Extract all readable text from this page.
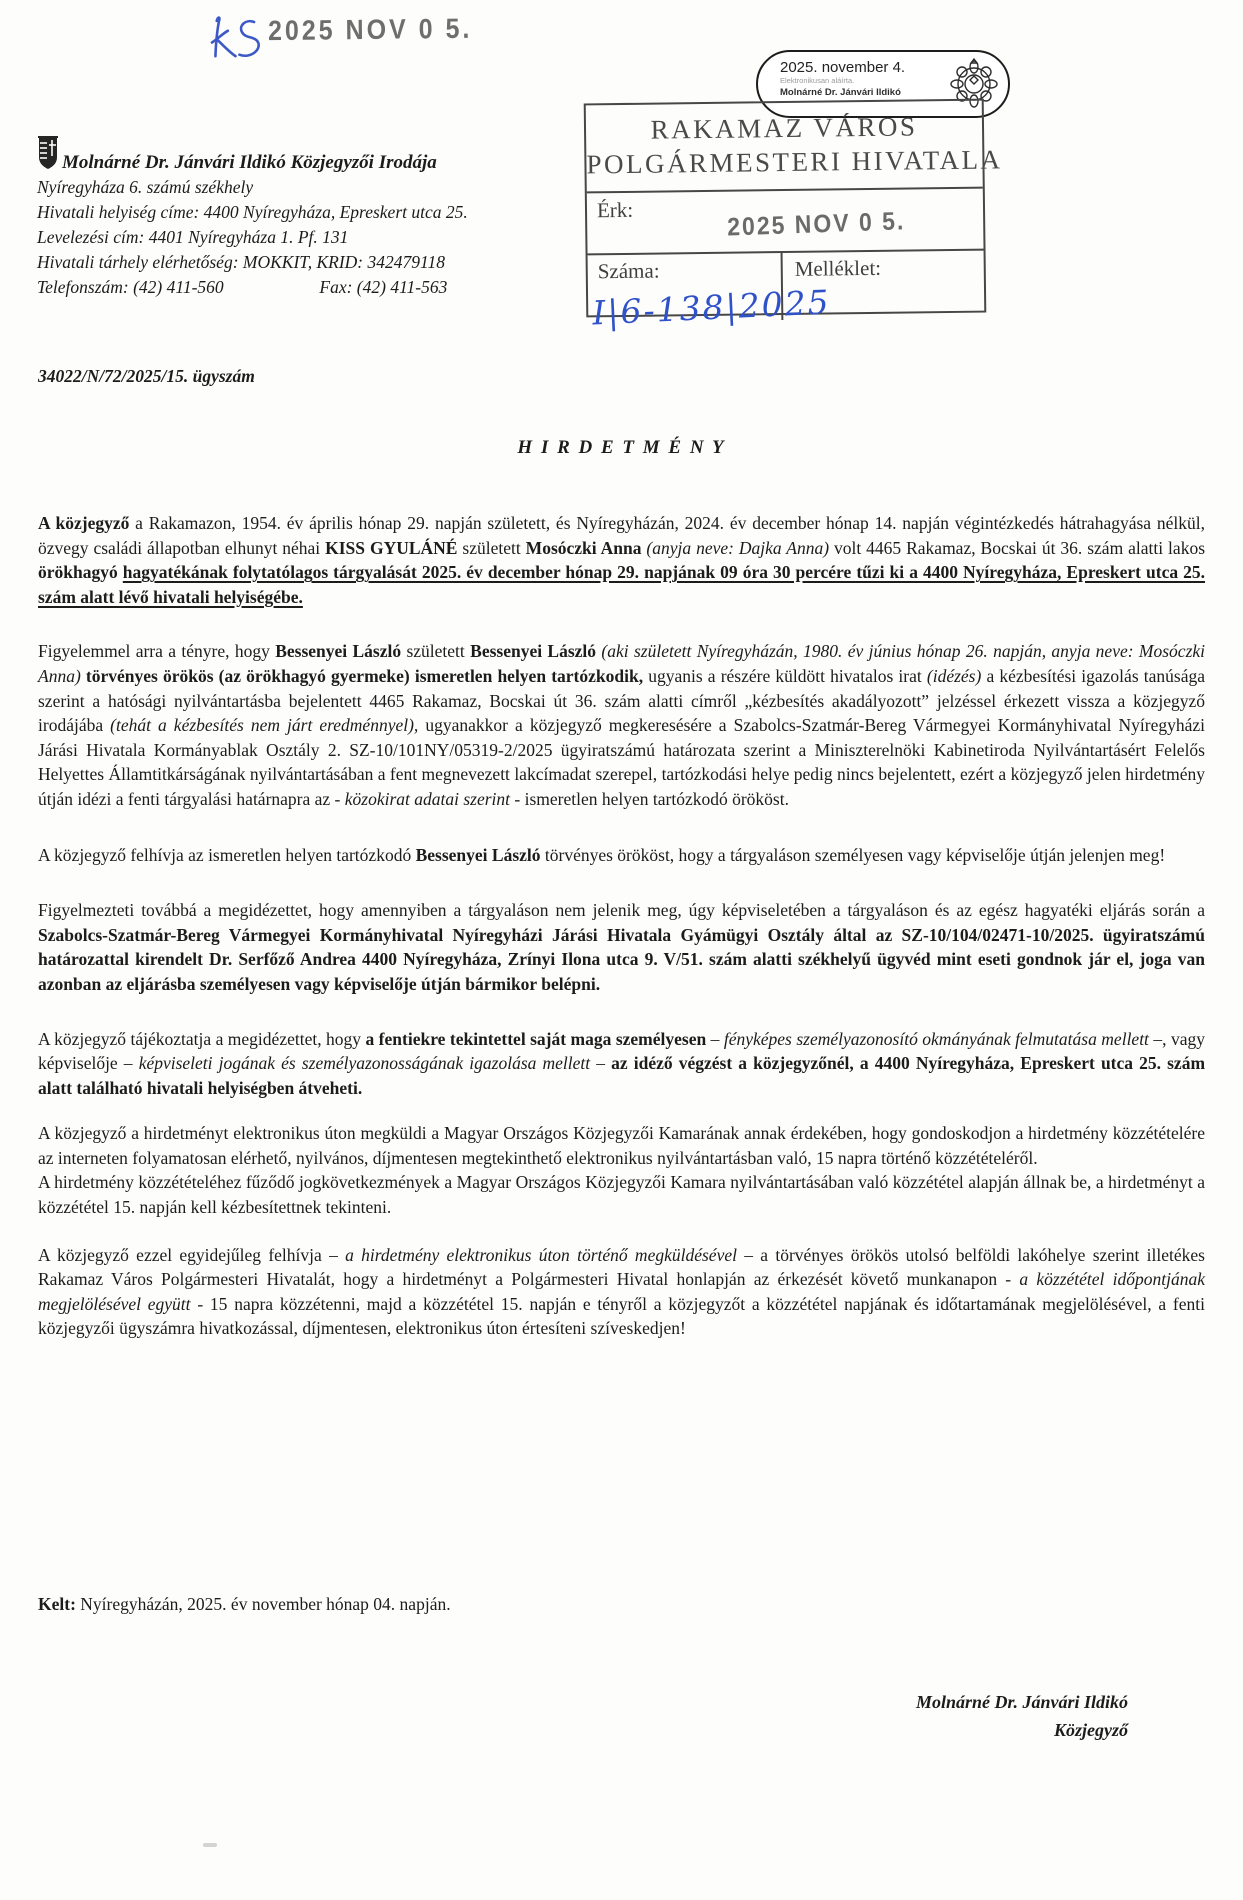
2025 NOV 0 5.
2025. november 4.
Elektronikusan aláírta.
Molnárné Dr. Jánvári Ildikó
RAKAMAZ VÁROS
POLGÁRMESTERI HIVATALA
Érk:	2025 NOV 0 5.
Száma:
I|6-138|2025
Melléklet:
Molnárné Dr. Jánvári Ildikó Közjegyzői Irodája
Nyíregyháza 6. számú székhely
Hivatali helyiség címe: 4400 Nyíregyháza, Epreskert utca 25.
Levelezési cím: 4401 Nyíregyháza 1. Pf. 131
Hivatali tárhely elérhetőség: MOKKIT, KRID: 342479118
Telefonszám: (42) 411-560	Fax: (42) 411-563
34022/N/72/2025/15. ügyszám
H I R D E T M É N Y

A közjegyző a Rakamazon, 1954. év április hónap 29. napján született, és Nyíregyházán, 2024. év december hónap 14. napján végintézkedés hátrahagyása nélkül, özvegy családi állapotban elhunyt néhai KISS GYULÁNÉ született Mosóczki Anna (anyja neve: Dajka Anna) volt 4465 Rakamaz, Bocskai út 36. szám alatti lakos örökhagyó hagyatékának folytatólagos tárgyalását 2025. év december hónap 29. napjának 09 óra 30 percére tűzi ki a 4400 Nyíregyháza, Epreskert utca 25. szám alatt lévő hivatali helyiségébe.

Figyelemmel arra a tényre, hogy Bessenyei László született Bessenyei László (aki született Nyíregyházán, 1980. év június hónap 26. napján, anyja neve: Mosóczki Anna) törvényes örökös (az örökhagyó gyermeke) ismeretlen helyen tartózkodik, ugyanis a részére küldött hivatalos irat (idézés) a kézbesítési igazolás tanúsága szerint a hatósági nyilvántartásba bejelentett 4465 Rakamaz, Bocskai út 36. szám alatti címről „kézbesítés akadályozott” jelzéssel érkezett vissza a közjegyző irodájába (tehát a kézbesítés nem járt eredménnyel), ugyanakkor a közjegyző megkeresésére a Szabolcs-Szatmár-Bereg Vármegyei Kormányhivatal Nyíregyházi Járási Hivatala Kormányablak Osztály 2. SZ-10/101NY/05319-2/2025 ügyiratszámú határozata szerint a Miniszterelnöki Kabinetiroda Nyilvántartásért Felelős Helyettes Államtitkárságának nyilvántartásában a fent megnevezett lakcímadat szerepel, tartózkodási helye pedig nincs bejelentett, ezért a közjegyző jelen hirdetmény útján idézi a fenti tárgyalási határnapra az - közokirat adatai szerint - ismeretlen helyen tartózkodó örököst.

A közjegyző felhívja az ismeretlen helyen tartózkodó Bessenyei László törvényes örököst, hogy a tárgyaláson személyesen vagy képviselője útján jelenjen meg!

Figyelmezteti továbbá a megidézettet, hogy amennyiben a tárgyaláson nem jelenik meg, úgy képviseletében a tárgyaláson és az egész hagyatéki eljárás során a Szabolcs-Szatmár-Bereg Vármegyei Kormányhivatal Nyíregyházi Járási Hivatala Gyámügyi Osztály által az SZ-10/104/02471-10/2025. ügyiratszámú határozattal kirendelt Dr. Serfőző Andrea 4400 Nyíregyháza, Zrínyi Ilona utca 9. V/51. szám alatti székhelyű ügyvéd mint eseti gondnok jár el, joga van azonban az eljárásba személyesen vagy képviselője útján bármikor belépni.

A közjegyző tájékoztatja a megidézettet, hogy a fentiekre tekintettel saját maga személyesen – fényképes személyazonosító okmányának felmutatása mellett –, vagy képviselője – képviseleti jogának és személyazonosságának igazolása mellett – az idéző végzést a közjegyzőnél, a 4400 Nyíregyháza, Epreskert utca 25. szám alatt található hivatali helyiségben átveheti.

A közjegyző a hirdetményt elektronikus úton megküldi a Magyar Országos Közjegyzői Kamarának annak érdekében, hogy gondoskodjon a hirdetmény közzétételére az interneten folyamatosan elérhető, nyilvános, díjmentesen megtekinthető elektronikus nyilvántartásban való, 15 napra történő közzétételéről.

A hirdetmény közzétételéhez fűződő jogkövetkezmények a Magyar Országos Közjegyzői Kamara nyilvántartásában való közzététel alapján állnak be, a hirdetményt a közzététel 15. napján kell kézbesítettnek tekinteni.

A közjegyző ezzel egyidejűleg felhívja – a hirdetmény elektronikus úton történő megküldésével – a törvényes örökös utolsó belföldi lakóhelye szerint illetékes Rakamaz Város Polgármesteri Hivatalát, hogy a hirdetményt a Polgármesteri Hivatal honlapján az érkezését követő munkanapon - a közzététel időpontjának megjelölésével együtt - 15 napra közzétenni, majd a közzététel 15. napján e tényről a közjegyzőt a közzététel napjának és időtartamának megjelölésével, a fenti közjegyzői ügyszámra hivatkozással, díjmentesen, elektronikus úton értesíteni szíveskedjen!

Kelt: Nyíregyházán, 2025. év november hónap 04. napján.
Molnárné Dr. Jánvári Ildikó
Közjegyző
